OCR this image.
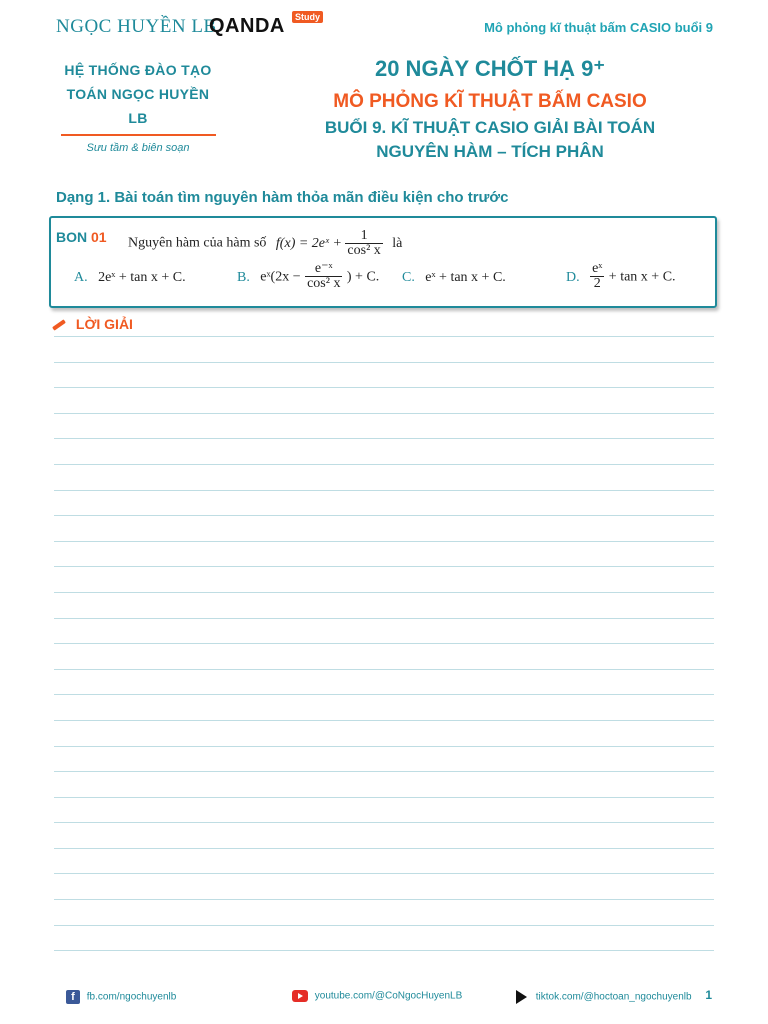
NGỌC HUYỀN LB
QANDA	Study
Mô phỏng kĩ thuật bấm CASIO buổi 9
HỆ THỐNG ĐÀO TẠO
TOÁN NGỌC HUYỀN LB
Sưu tầm & biên soạn
20 NGÀY CHỐT HẠ 9⁺
MÔ PHỎNG KĨ THUẬT BẤM CASIO
BUỔI 9. KĨ THUẬT CASIO GIẢI BÀI TOÁN
NGUYÊN HÀM – TÍCH PHÂN
Dạng 1. Bài toán tìm nguyên hàm thỏa mãn điều kiện cho trước
BON 01 Nguyên hàm của hàm số f(x) = 2eˣ + $\frac{1}{\text{cos² x}}$ là
A. 2eˣ + tan x + C.	B. eˣ(2x − $\frac{\text{e⁻ˣ}}{\text{cos² x}}$ ) + C. C. eˣ + tan x + C.	D. $\frac{\text{eˣ}}{2} + \tan x + C$.
LỜI GIẢI
f fb.com/ngochuyenlb	youtube.com/@CoNgocHuyenLB	tiktok.com/@hoctoan_ngochuyenlb 1
